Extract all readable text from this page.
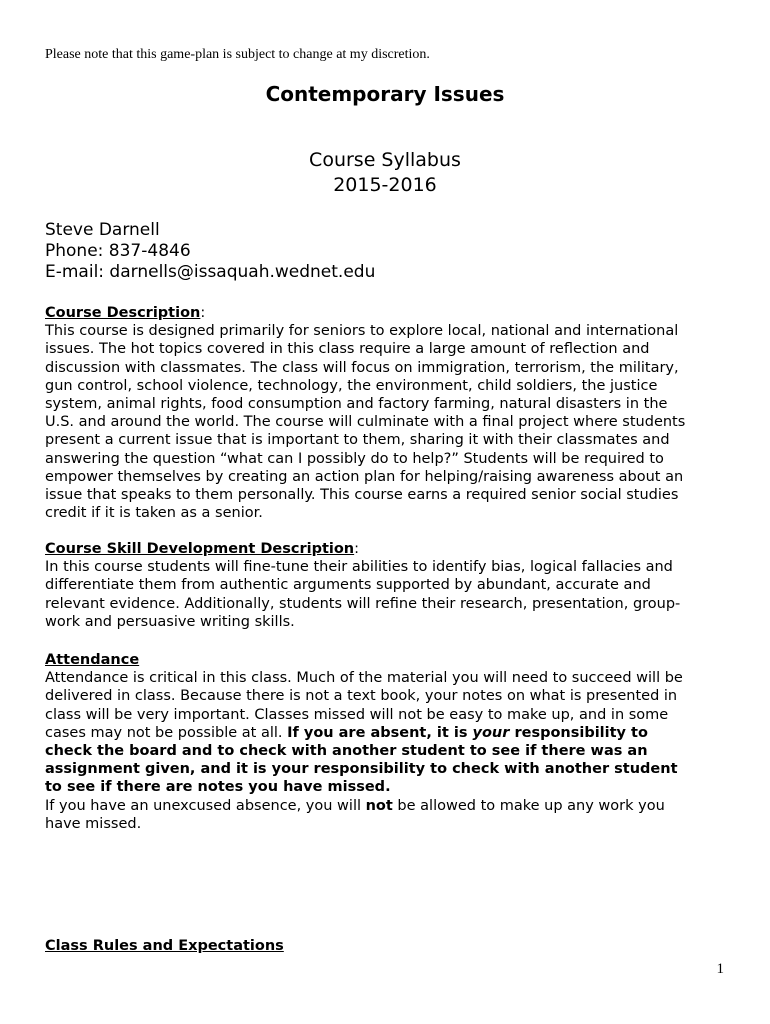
Please note that this game-plan is subject to change at my discretion.
Contemporary Issues
Course Syllabus
2015-2016
Steve Darnell
Phone: 837-4846
E-mail: darnells@issaquah.wednet.edu
Course Description:
This course is designed primarily for seniors to explore local, national and international
issues. The hot topics covered in this class require a large amount of reflection and
discussion with classmates. The class will focus on immigration, terrorism, the military,
gun control, school violence, technology, the environment, child soldiers, the justice
system, animal rights, food consumption and factory farming, natural disasters in the
U.S. and around the world. The course will culminate with a final project where students
present a current issue that is important to them, sharing it with their classmates and
answering the question “what can I possibly do to help?” Students will be required to
empower themselves by creating an action plan for helping/raising awareness about an
issue that speaks to them personally. This course earns a required senior social studies
credit if it is taken as a senior.
Course Skill Development Description:
In this course students will fine-tune their abilities to identify bias, logical fallacies and
differentiate them from authentic arguments supported by abundant, accurate and
relevant evidence. Additionally, students will refine their research, presentation, group-
work and persuasive writing skills.
Attendance
Attendance is critical in this class. Much of the material you will need to succeed will be
delivered in class. Because there is not a text book, your notes on what is presented in
class will be very important. Classes missed will not be easy to make up, and in some
cases may not be possible at all. If you are absent, it is your responsibility to
check the board and to check with another student to see if there was an
assignment given, and it is your responsibility to check with another student
to see if there are notes you have missed.
If you have an unexcused absence, you will not be allowed to make up any work you
have missed.
Class Rules and Expectations
1
